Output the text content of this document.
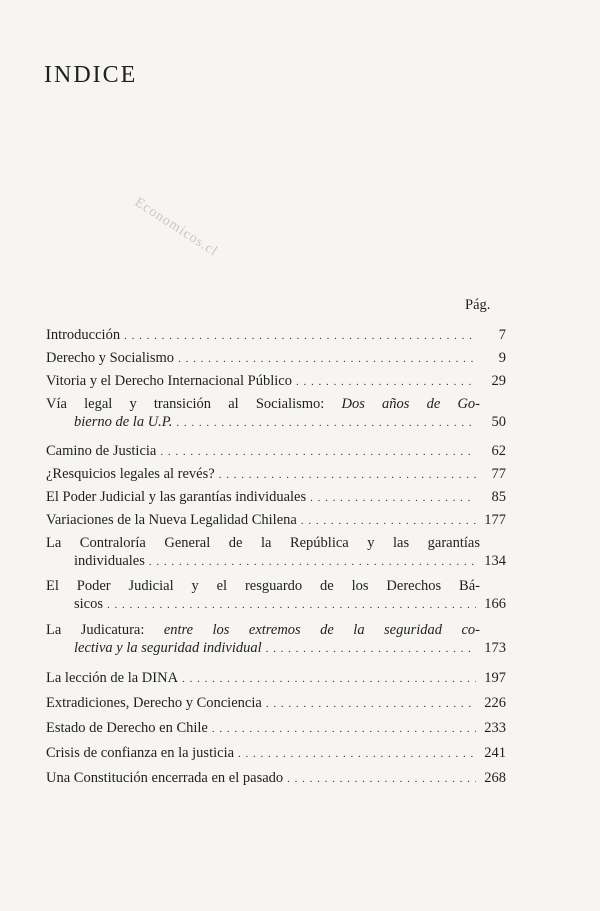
INDICE
Economicos.cl
Pág.
Introducción . . .	7
Derecho y Socialismo . . .	9
Vitoria y el Derecho Internacional Público . . .	29
Vía legal y transición al Socialismo: Dos años de Go-
bierno de la U.P. . . .	50
Camino de Justicia . . .	62
¿Resquicios legales al revés? . . .	77
El Poder Judicial y las garantías individuales . . .	85
Variaciones de la Nueva Legalidad Chilena . . .	177
La Contraloría General de la República y las garantías
individuales . . .	134
El Poder Judicial y el resguardo de los Derechos Bá-
sicos . . .	166
La Judicatura: entre los extremos de la seguridad co-
lectiva y la seguridad individual . . .	173
La lección de la DINA . . .	197
Extradiciones, Derecho y Conciencia . . .	226
Estado de Derecho en Chile . . .	233
Crisis de confianza en la justicia . . .	241
Una Constitución encerrada en el pasado . . .	268
